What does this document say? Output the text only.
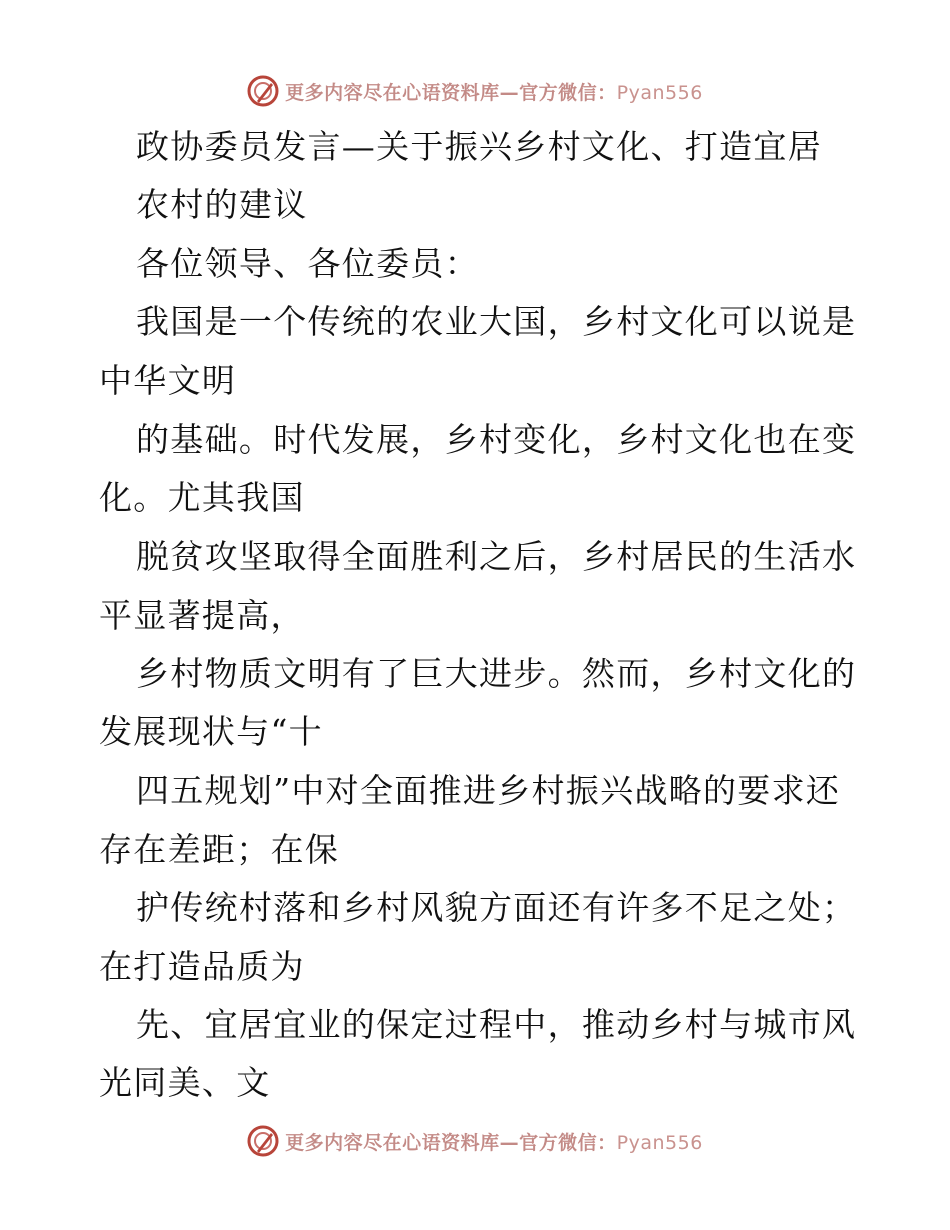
更多内容尽在心语资料库—官方微信：Pyan556
政协委员发言—关于振兴乡村文化、打造宜居
农村的建议
各位领导、各位委员：
我国是一个传统的农业大国，乡村文化可以说是
中华文明
的基础。时代发展，乡村变化，乡村文化也在变
化。尤其我国
脱贫攻坚取得全面胜利之后，乡村居民的生活水
平显著提高，
乡村物质文明有了巨大进步。然而，乡村文化的
发展现状与“十
四五规划”中对全面推进乡村振兴战略的要求还
存在差距；在保
护传统村落和乡村风貌方面还有许多不足之处；
在打造品质为
先、宜居宜业的保定过程中，推动乡村与城市风
光同美、文
更多内容尽在心语资料库—官方微信：Pyan556
